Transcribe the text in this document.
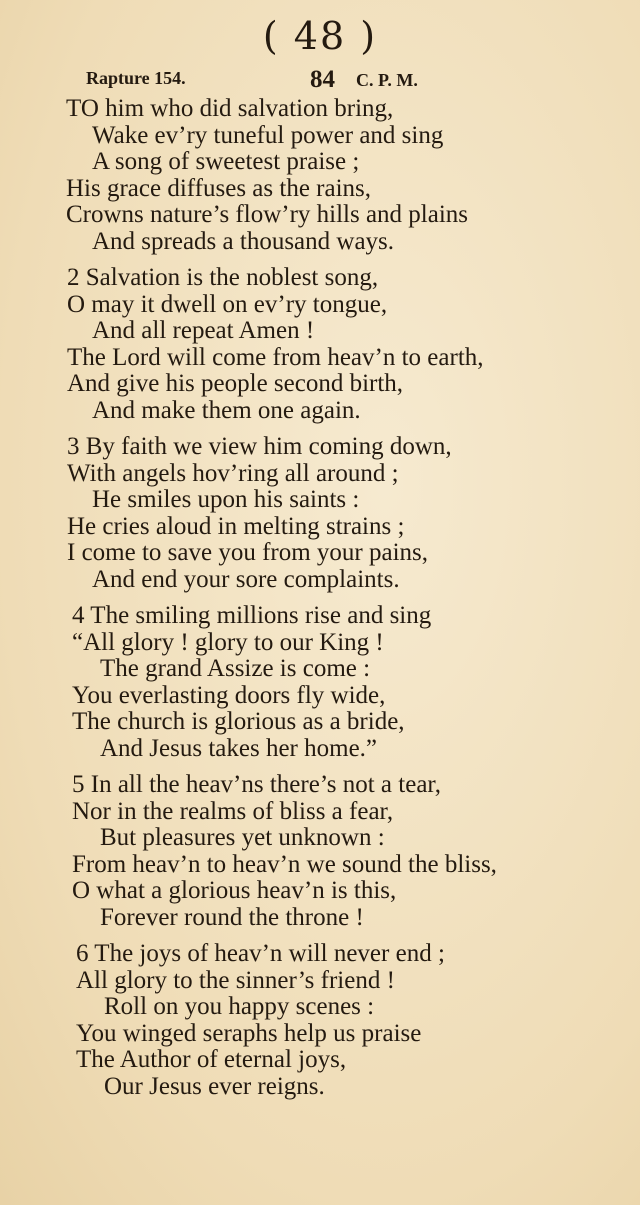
( 48 )
Rapture 154.	84 C. P. M.
TO him who did salvation bring,
Wake ev’ry tuneful power and sing
A song of sweetest praise ;
His grace diffuses as the rains,
Crowns nature’s flow’ry hills and plains
And spreads a thousand ways.
2 Salvation is the noblest song,
O may it dwell on ev’ry tongue,
And all repeat Amen !
The Lord will come from heav’n to earth,
And give his people second birth,
And make them one again.
3 By faith we view him coming down,
With angels hov’ring all around ;
He smiles upon his saints :
He cries aloud in melting strains ;
I come to save you from your pains,
And end your sore complaints.
4 The smiling millions rise and sing
“All glory ! glory to our King !
The grand Assize is come :
You everlasting doors fly wide,
The church is glorious as a bride,
And Jesus takes her home.”
5 In all the heav’ns there’s not a tear,
Nor in the realms of bliss a fear,
But pleasures yet unknown :
From heav’n to heav’n we sound the bliss,
O what a glorious heav’n is this,
Forever round the throne !
6 The joys of heav’n will never end ;
All glory to the sinner’s friend !
Roll on you happy scenes :
You winged seraphs help us praise
The Author of eternal joys,
Our Jesus ever reigns.
